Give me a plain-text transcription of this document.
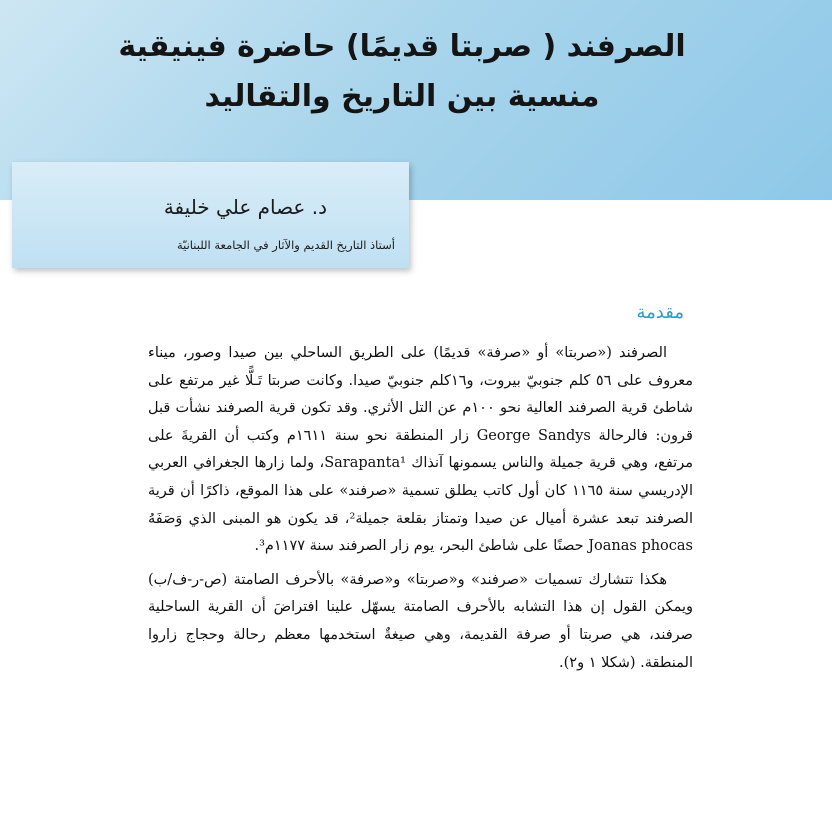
الصرفند ( صربتا قديمًا) حاضرة فينيقية
منسية بين التاريخ والتقاليد

د. عصام علي خليفة

أستاذ التاريخ القديم والآثار في الجامعة اللبنانيّة

مقدمة

الصرفند («صربتا» أو «صرفة» قديمًا) على الطريق الساحلي بين صيدا وصور، ميناء معروف على ٥٦ كلم جنوبيّ بيروت، و١٦كلم جنوبيّ صيدا. وكانت صربتا تَـلًّا غير مرتفع على شاطئ قرية الصرفند العالية نحو ١٠٠م عن التل الأثري. وقد تكون قرية الصرفند نشأت قبل قرون: فالرحالة George Sandys زار المنطقة نحو سنة ١٦١١م وكتب أن القريةَ على مرتفع، وهي قرية جميلة والناس يسمونها آنذاك Sarapanta¹، ولما زارها الجغرافي العربي الإدريسي سنة ١١٦٥ كان أول كاتب يطلق تسمية «صرفند» على هذا الموقع، ذاكرًا أن قرية الصرفند تبعد عشرة أميال عن صيدا وتمتاز بقلعة جميلة²، قد يكون هو المبنى الذي وَصَفَهُ Joanas phocas حصنًا على شاطئ البحر، يوم زار الصرفند سنة ١١٧٧م³.

هكذا تتشارك تسميات «صرفند» و«صربتا» و«صرفة» بالأحرف الصامتة (ص-ر-ف/ب) ويمكن القول إن هذا التشابه بالأحرف الصامتة يسهّل علينا افتراضَ أن القرية الساحلية صرفند، هي صربتا أو صرفة القديمة، وهي صيغةٌ استخدمها معظم رحالة وحجاج زاروا المنطقة. (شكلا ١ و٢).
